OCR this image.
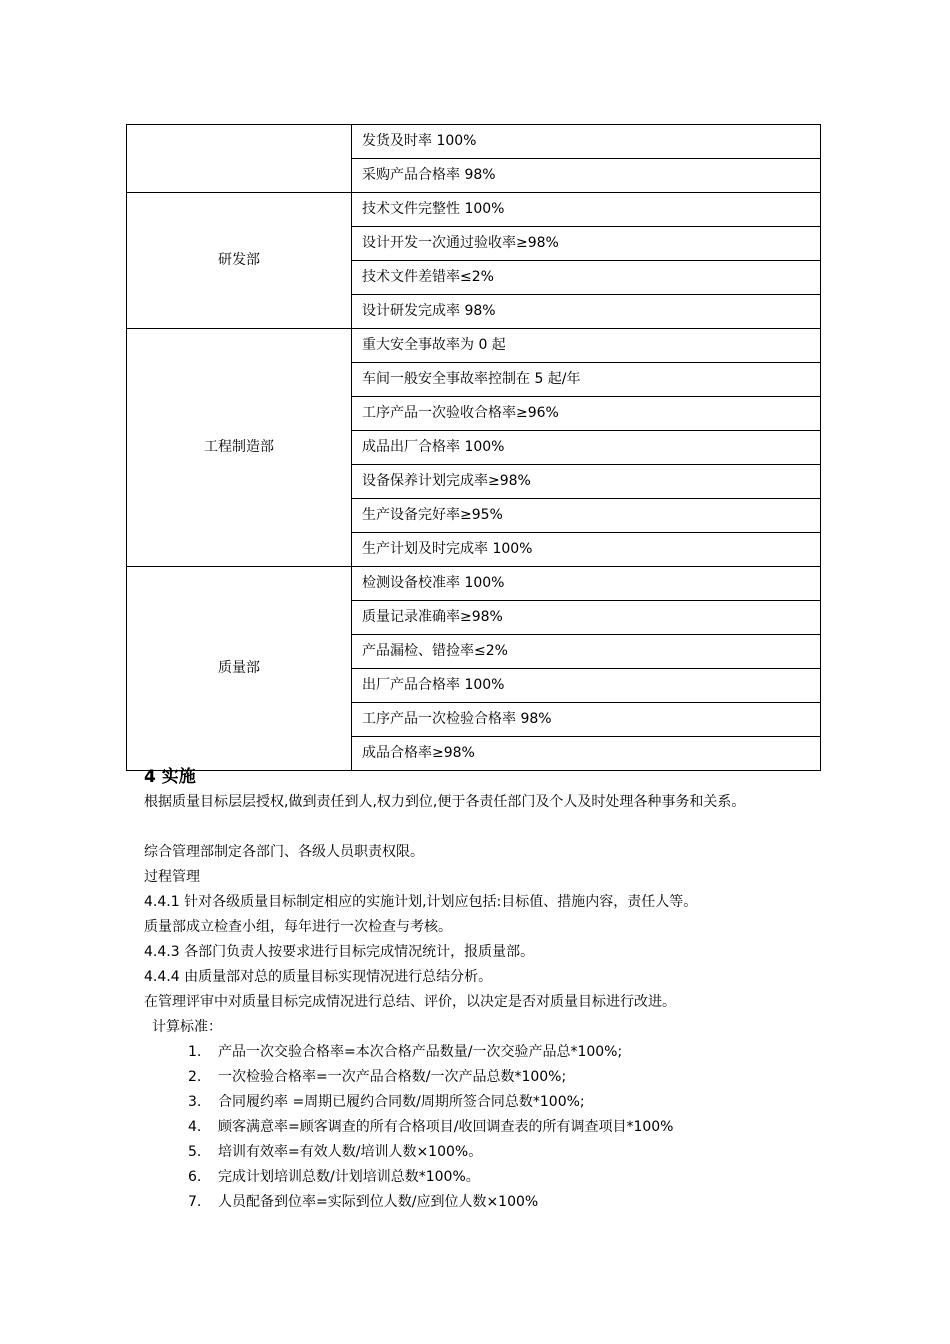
	发货及时率 100%
	采购产品合格率 98%
研发部	技术文件完整性 100%
	设计开发一次通过验收率≥98%
	技术文件差错率≤2%
	设计研发完成率 98%
工程制造部	重大安全事故率为 0 起
	车间一般安全事故率控制在 5 起/年
	工序产品一次验收合格率≥96%
	成品出厂合格率 100%
	设备保养计划完成率≥98%
	生产设备完好率≥95%
	生产计划及时完成率 100%
质量部	检测设备校准率 100%
	质量记录准确率≥98%
	产品漏检、错捡率≤2%
	出厂产品合格率 100%
	工序产品一次检验合格率 98%
	成品合格率≥98%
4 实施
根据质量目标层层授权,做到责任到人,权力到位,便于各责任部门及个人及时处理各种事务和关系。
综合管理部制定各部门、各级人员职责权限。
过程管理
4.4.1 针对各级质量目标制定相应的实施计划,计划应包括:目标值、措施内容，责任人等。
质量部成立检查小组，每年进行一次检查与考核。
4.4.3 各部门负责人按要求进行目标完成情况统计，报质量部。
4.4.4 由质量部对总的质量目标实现情况进行总结分析。
在管理评审中对质量目标完成情况进行总结、评价，以决定是否对质量目标进行改进。
计算标准：
1. 产品一次交验合格率=本次合格产品数量/一次交验产品总*100%;
2. 一次检验合格率=一次产品合格数/一次产品总数*100%;
3. 合同履约率 =周期已履约合同数/周期所签合同总数*100%;
4. 顾客满意率=顾客调查的所有合格项目/收回调查表的所有调查项目*100%
5. 培训有效率=有效人数/培训人数×100%。
6. 完成计划培训总数/计划培训总数*100%。
7. 人员配备到位率=实际到位人数/应到位人数×100%
